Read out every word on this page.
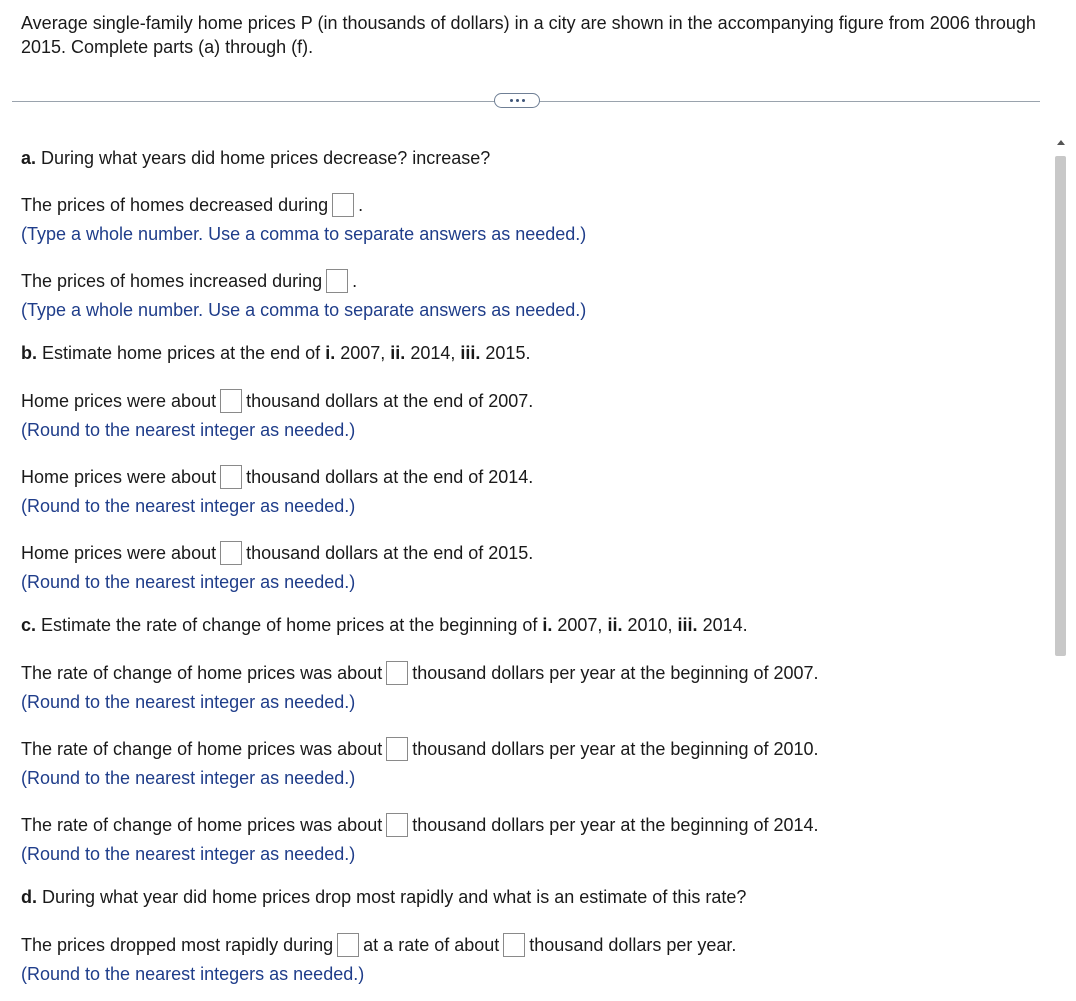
Average single-family home prices P (in thousands of dollars) in a city are shown in the accompanying figure from 2006 through 2015. Complete parts (a) through (f).
a. During what years did home prices decrease? increase?
The prices of homes decreased during .
(Type a whole number. Use a comma to separate answers as needed.)
The prices of homes increased during .
(Type a whole number. Use a comma to separate answers as needed.)
b. Estimate home prices at the end of i. 2007, ii. 2014, iii. 2015.
Home prices were about thousand dollars at the end of 2007.
(Round to the nearest integer as needed.)
Home prices were about thousand dollars at the end of 2014.
(Round to the nearest integer as needed.)
Home prices were about thousand dollars at the end of 2015.
(Round to the nearest integer as needed.)
c. Estimate the rate of change of home prices at the beginning of i. 2007, ii. 2010, iii. 2014.
The rate of change of home prices was about thousand dollars per year at the beginning of 2007.
(Round to the nearest integer as needed.)
The rate of change of home prices was about thousand dollars per year at the beginning of 2010.
(Round to the nearest integer as needed.)
The rate of change of home prices was about thousand dollars per year at the beginning of 2014.
(Round to the nearest integer as needed.)
d. During what year did home prices drop most rapidly and what is an estimate of this rate?
The prices dropped most rapidly during at a rate of about thousand dollars per year.
(Round to the nearest integers as needed.)
